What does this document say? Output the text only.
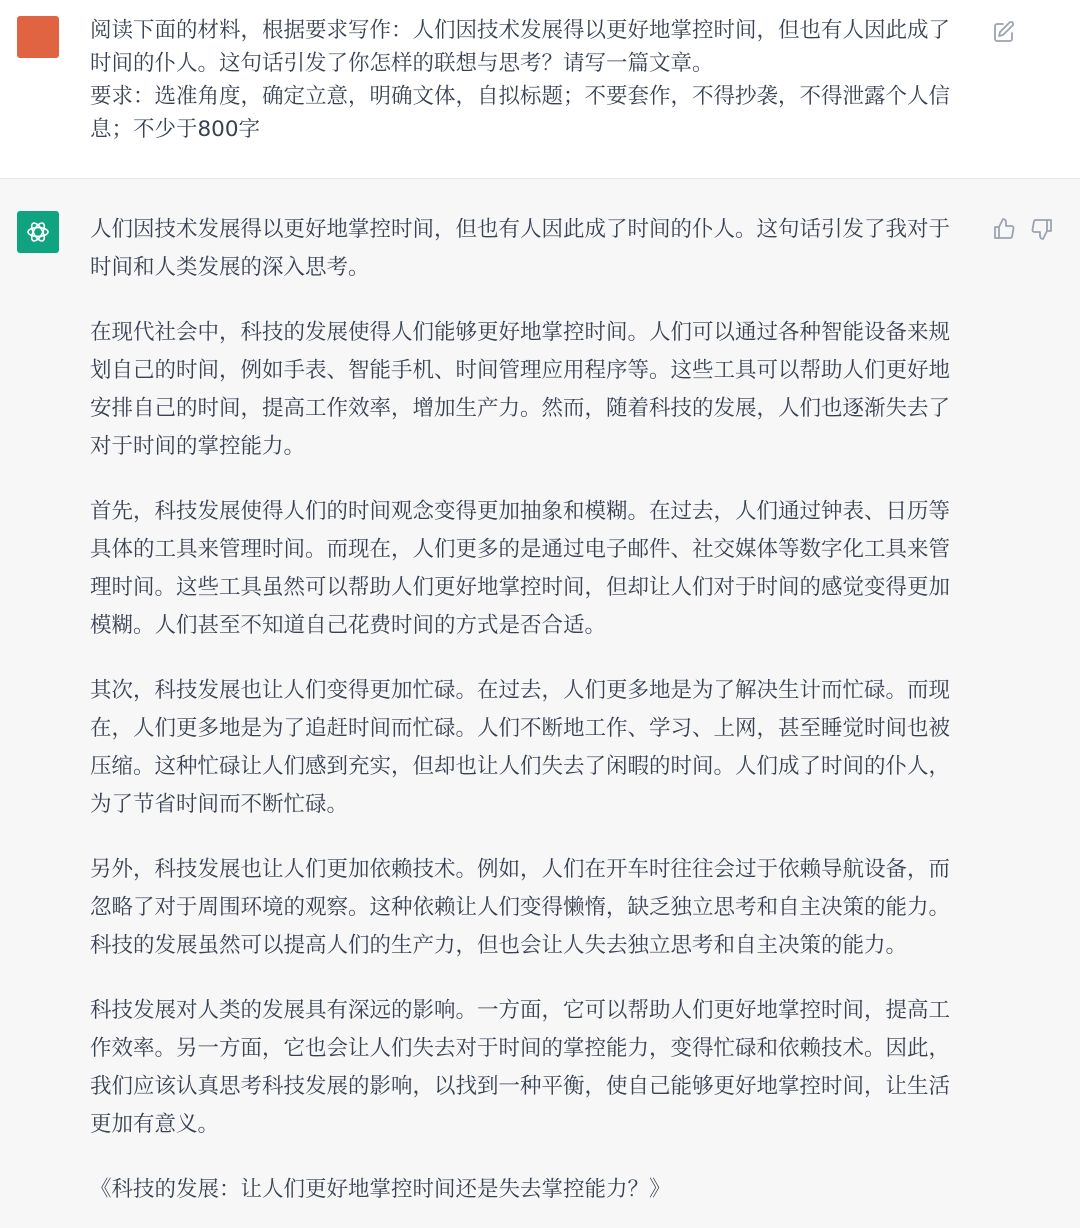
阅读下面的材料，根据要求写作：人们因技术发展得以更好地掌控时间，但也有人因此成了时间的仆人。这句话引发了你怎样的联想与思考？请写一篇文章。

要求：选准角度，确定立意，明确文体，自拟标题；不要套作，不得抄袭，不得泄露个人信息；不少于800字

人们因技术发展得以更好地掌控时间，但也有人因此成了时间的仆人。这句话引发了我对于时间和人类发展的深入思考。

在现代社会中，科技的发展使得人们能够更好地掌控时间。人们可以通过各种智能设备来规划自己的时间，例如手表、智能手机、时间管理应用程序等。这些工具可以帮助人们更好地安排自己的时间，提高工作效率，增加生产力。然而，随着科技的发展，人们也逐渐失去了对于时间的掌控能力。

首先，科技发展使得人们的时间观念变得更加抽象和模糊。在过去，人们通过钟表、日历等具体的工具来管理时间。而现在，人们更多的是通过电子邮件、社交媒体等数字化工具来管理时间。这些工具虽然可以帮助人们更好地掌控时间，但却让人们对于时间的感觉变得更加模糊。人们甚至不知道自己花费时间的方式是否合适。

其次，科技发展也让人们变得更加忙碌。在过去，人们更多地是为了解决生计而忙碌。而现在，人们更多地是为了追赶时间而忙碌。人们不断地工作、学习、上网，甚至睡觉时间也被压缩。这种忙碌让人们感到充实，但却也让人们失去了闲暇的时间。人们成了时间的仆人，为了节省时间而不断忙碌。

另外，科技发展也让人们更加依赖技术。例如，人们在开车时往往会过于依赖导航设备，而忽略了对于周围环境的观察。这种依赖让人们变得懒惰，缺乏独立思考和自主决策的能力。科技的发展虽然可以提高人们的生产力，但也会让人失去独立思考和自主决策的能力。

科技发展对人类的发展具有深远的影响。一方面，它可以帮助人们更好地掌控时间，提高工作效率。另一方面，它也会让人们失去对于时间的掌控能力，变得忙碌和依赖技术。因此，我们应该认真思考科技发展的影响，以找到一种平衡，使自己能够更好地掌控时间，让生活更加有意义。

《科技的发展：让人们更好地掌控时间还是失去掌控能力？》
